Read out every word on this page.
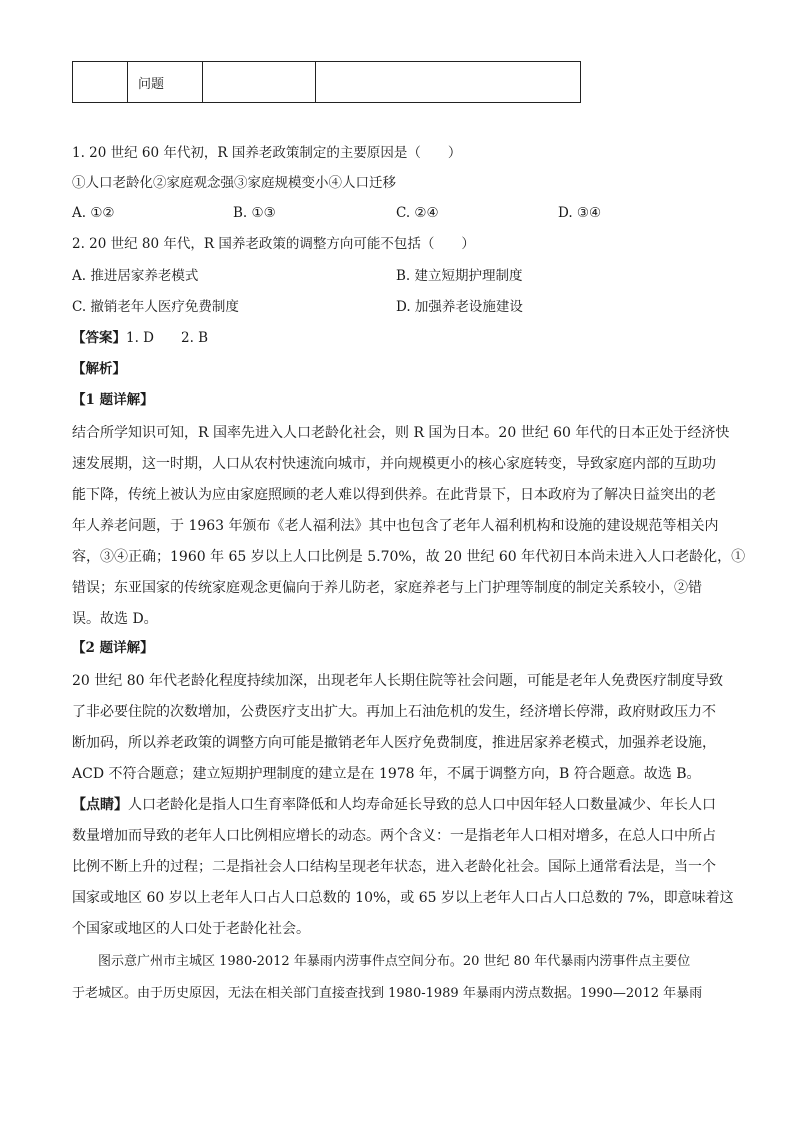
	问题		
1. 20 世纪 60 年代初，R 国养老政策制定的主要原因是（　　）
①人口老龄化②家庭观念强③家庭规模变小④人口迁移
A. ①②	B. ①③	C. ②④	D. ③④
2. 20 世纪 80 年代，R 国养老政策的调整方向可能不包括（　　）
A. 推进居家养老模式	B. 建立短期护理制度
C. 撤销老年人医疗免费制度	D. 加强养老设施建设
【答案】1. D　　2. B
【解析】
【1 题详解】
结合所学知识可知，R 国率先进入人口老龄化社会，则 R 国为日本。20 世纪 60 年代的日本正处于经济快
速发展期，这一时期，人口从农村快速流向城市，并向规模更小的核心家庭转变，导致家庭内部的互助功
能下降，传统上被认为应由家庭照顾的老人难以得到供养。在此背景下，日本政府为了解决日益突出的老
年人养老问题，于 1963 年颁布《老人福利法》其中也包含了老年人福利机构和设施的建设规范等相关内
容，③④正确；1960 年 65 岁以上人口比例是 5.70%，故 20 世纪 60 年代初日本尚未进入人口老龄化，①
错误；东亚国家的传统家庭观念更偏向于养儿防老，家庭养老与上门护理等制度的制定关系较小，②错
误。故选 D。
【2 题详解】
20 世纪 80 年代老龄化程度持续加深，出现老年人长期住院等社会问题，可能是老年人免费医疗制度导致
了非必要住院的次数增加，公费医疗支出扩大。再加上石油危机的发生，经济增长停滞，政府财政压力不
断加码，所以养老政策的调整方向可能是撤销老年人医疗免费制度，推进居家养老模式，加强养老设施，
ACD 不符合题意；建立短期护理制度的建立是在 1978 年，不属于调整方向，B 符合题意。故选 B。
【点睛】人口老龄化是指人口生育率降低和人均寿命延长导致的总人口中因年轻人口数量减少、年长人口
数量增加而导致的老年人口比例相应增长的动态。两个含义：一是指老年人口相对增多，在总人口中所占
比例不断上升的过程；二是指社会人口结构呈现老年状态，进入老龄化社会。国际上通常看法是，当一个
国家或地区 60 岁以上老年人口占人口总数的 10%，或 65 岁以上老年人口占人口总数的 7%，即意味着这
个国家或地区的人口处于老龄化社会。
　　图示意广州市主城区 1980-2012 年暴雨内涝事件点空间分布。20 世纪 80 年代暴雨内涝事件点主要位
于老城区。由于历史原因，无法在相关部门直接查找到 1980-1989 年暴雨内涝点数据。1990—2012 年暴雨
